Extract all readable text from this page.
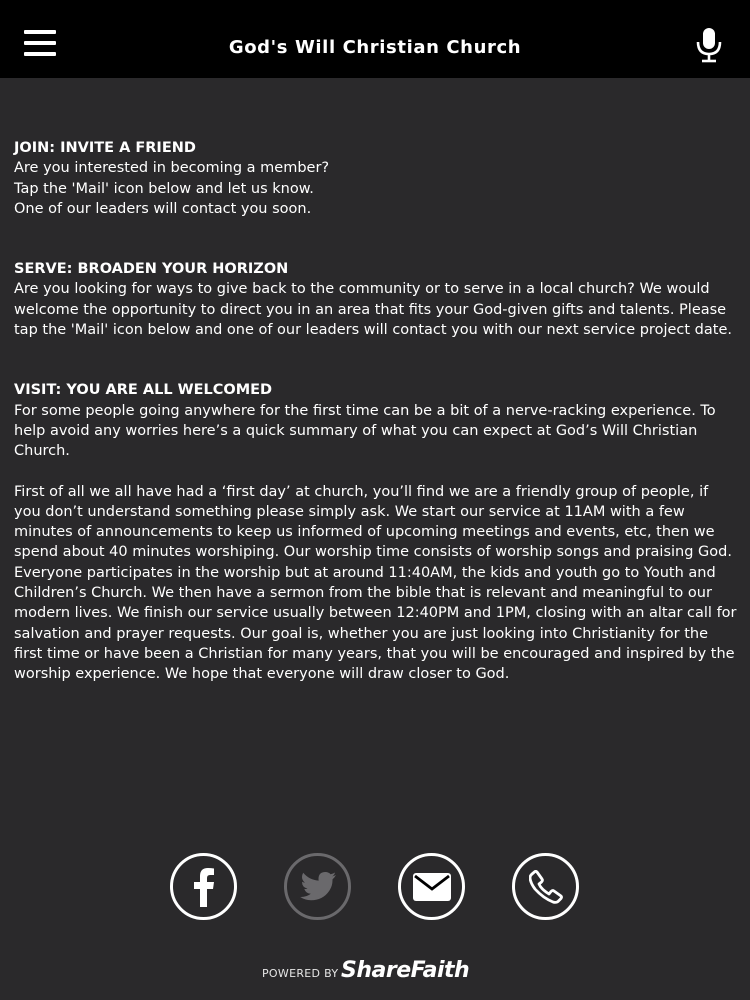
God's Will Christian Church
JOIN: INVITE A FRIEND

Are you interested in becoming a member?
Tap the 'Mail' icon below and let us know.
One of our leaders will contact you soon.

SERVE: BROADEN YOUR HORIZON

Are you looking for ways to give back to the community or to serve in a local church? We would welcome the opportunity to direct you in an area that fits your God-given gifts and talents. Please tap the 'Mail' icon below and one of our leaders will contact you with our next service project date.

VISIT: YOU ARE ALL WELCOMED

For some people going anywhere for the first time can be a bit of a nerve-racking experience. To help avoid any worries here’s a quick summary of what you can expect at God’s Will Christian Church.

First of all we all have had a ‘first day’ at church, you’ll find we are a friendly group of people, if you don’t understand something please simply ask. We start our service at 11AM with a few minutes of announcements to keep us informed of upcoming meetings and events, etc, then we spend about 40 minutes worshiping. Our worship time consists of worship songs and praising God. Everyone participates in the worship but at around 11:40AM, the kids and youth go to Youth and Children’s Church. We then have a sermon from the bible that is relevant and meaningful to our modern lives. We finish our service usually between 12:40PM and 1PM, closing with an altar call for salvation and prayer requests. Our goal is, whether you are just looking into Christianity for the first time or have been a Christian for many years, that you will be encouraged and inspired by the worship experience. We hope that everyone will draw closer to God.

POWERED BY ShareFaith
